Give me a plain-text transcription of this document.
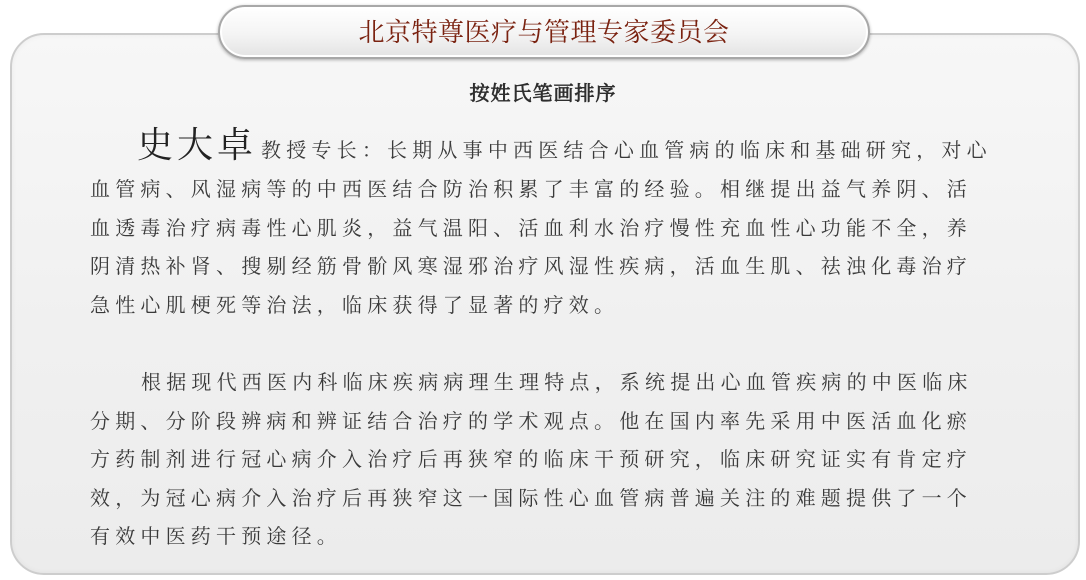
北京特尊医疗与管理专家委员会
按姓氏笔画排序
史大卓 教授专长：长期从事中西医结合心血管病的临床和基础研究，对心
血管病、风湿病等的中西医结合防治积累了丰富的经验。相继提出益气养阴、活
血透毒治疗病毒性心肌炎，益气温阳、活血利水治疗慢性充血性心功能不全，养
阴清热补肾、搜剔经筋骨骱风寒湿邪治疗风湿性疾病，活血生肌、祛浊化毒治疗
急性心肌梗死等治法，临床获得了显著的疗效。
根据现代西医内科临床疾病病理生理特点，系统提出心血管疾病的中医临床
分期、分阶段辨病和辨证结合治疗的学术观点。他在国内率先采用中医活血化瘀
方药制剂进行冠心病介入治疗后再狭窄的临床干预研究，临床研究证实有肯定疗
效，为冠心病介入治疗后再狭窄这一国际性心血管病普遍关注的难题提供了一个
有效中医药干预途径。
